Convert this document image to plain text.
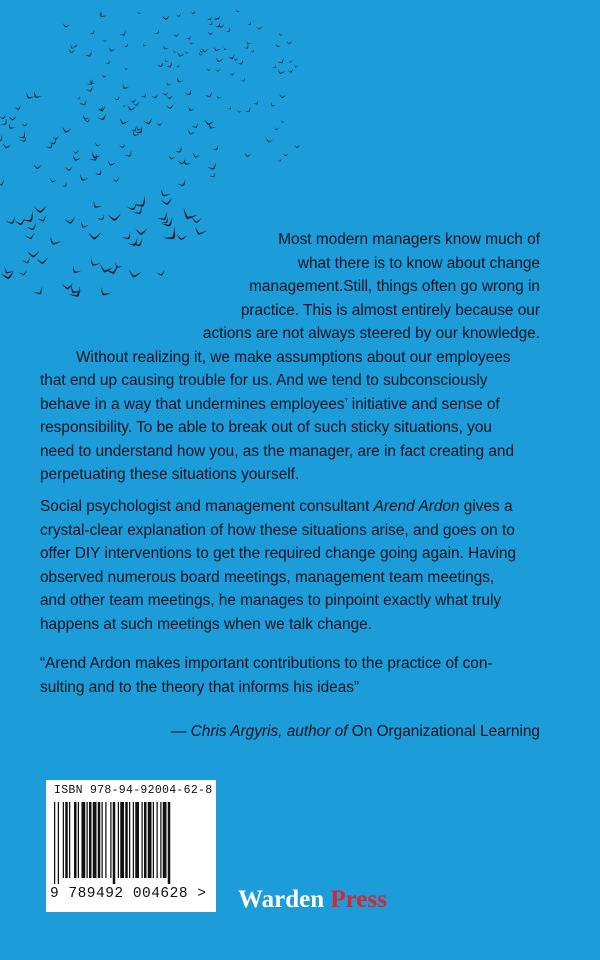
Most modern managers know much of
what there is to know about change
management.Still, things often go wrong in
practice. This is almost entirely because our
actions are not always steered by our knowledge.
Without realizing it, we make assumptions about our employees
that end up causing trouble for us. And we tend to subconsciously
behave in a way that undermines employees’ initiative and sense of
responsibility. To be able to break out of such sticky situations, you
need to understand how you, as the manager, are in fact creating and
perpetuating these situations yourself.

Social psychologist and management consultant Arend Ardon gives a
crystal-clear explanation of how these situations arise, and goes on to
offer DIY interventions to get the required change going again. Having
observed numerous board meetings, management team meetings,
and other team meetings, he manages to pinpoint exactly what truly
happens at such meetings when we talk change.

“Arend Ardon makes important contributions to the practice of con-
sulting and to the theory that informs his ideas”

— Chris Argyris, author of On Organizational Learning

ISBN 978-94-92004-62-8
9 789492 004628 > Warden Press
